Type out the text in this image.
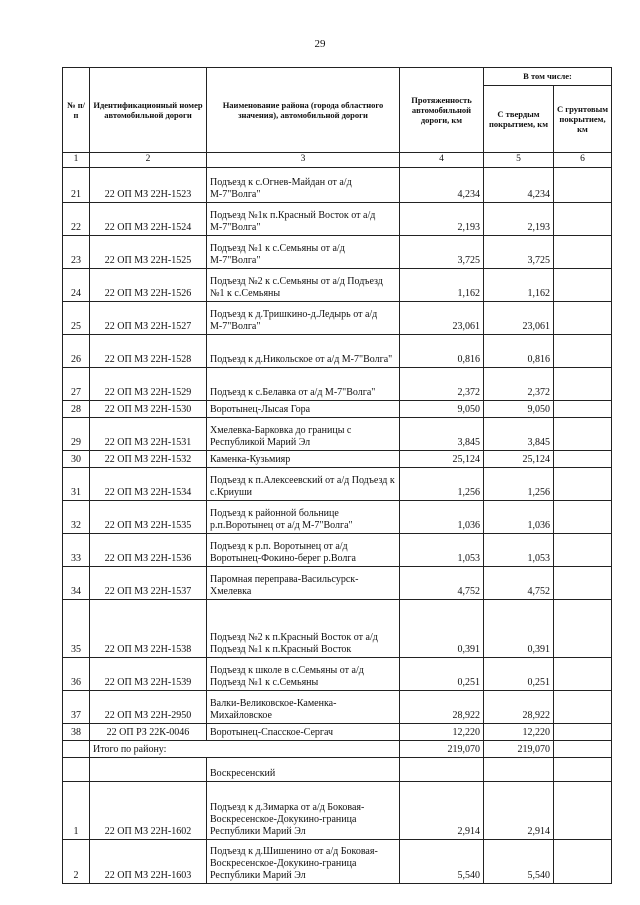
29
№ п/п	Идентификационный номер автомобильной дороги	Наименование района (города областного значения), автомобильной дороги	Протяженность автомобильной дороги, км	В том числе:	
				С твердым покрытием, км	С грунтовым покрытием, км
1	2	3	4	5	6
21	22 ОП МЗ 22Н-1523	Подъезд к с.Огнев-Майдан от а/д М-7"Волга"	4,234	4,234	
22	22 ОП МЗ 22Н-1524	Подъезд №1к п.Красный Восток от а/д М-7"Волга"	2,193	2,193	
23	22 ОП МЗ 22Н-1525	Подъезд №1 к с.Семьяны от а/д М-7"Волга"	3,725	3,725	
24	22 ОП МЗ 22Н-1526	Подъезд №2 к с.Семьяны от а/д Подъезд №1 к с.Семьяны	1,162	1,162	
25	22 ОП МЗ 22Н-1527	Подъезд к д.Тришкино-д.Ледырь от а/д М-7"Волга"	23,061	23,061	
26	22 ОП МЗ 22Н-1528	Подъезд к д.Никольское от а/д М-7"Волга"	0,816	0,816	
27	22 ОП МЗ 22Н-1529	Подъезд к с.Белавка от а/д М-7"Волга"	2,372	2,372	
28	22 ОП МЗ 22Н-1530	Воротынец-Лысая Гора	9,050	9,050	
29	22 ОП МЗ 22Н-1531	Хмелевка-Барковка до границы с Республикой Марий Эл	3,845	3,845	
30	22 ОП МЗ 22Н-1532	Каменка-Кузьмияр	25,124	25,124	
31	22 ОП МЗ 22Н-1534	Подъезд к п.Алексеевский от а/д Подъезд к с.Криуши	1,256	1,256	
32	22 ОП МЗ 22Н-1535	Подъезд к районной больнице р.п.Воротынец от а/д М-7"Волга"	1,036	1,036	
33	22 ОП МЗ 22Н-1536	Подъезд к р.п. Воротынец от а/д Воротынец-Фокино-берег р.Волга	1,053	1,053	
34	22 ОП МЗ 22Н-1537	Паромная переправа-Васильсурск-Хмелевка	4,752	4,752	
35	22 ОП МЗ 22Н-1538	Подъезд №2 к п.Красный Восток от а/д Подъезд №1 к п.Красный Восток	0,391	0,391	
36	22 ОП МЗ 22Н-1539	Подъезд к школе в с.Семьяны от а/д Подъезд №1 к с.Семьяны	0,251	0,251	
37	22 ОП МЗ 22Н-2950	Валки-Великовское-Каменка-Михайловское	28,922	28,922	
38	22 ОП РЗ 22К-0046	Воротынец-Спасское-Сергач	12,220	12,220	
	Итого по району:		219,070	219,070	
		Воскресенский			
1	22 ОП МЗ 22Н-1602	Подъезд к д.Зимарка от а/д Боковая-Воскресенское-Докукино-граница Республики Марий Эл	2,914	2,914	
2	22 ОП МЗ 22Н-1603	Подъезд к д.Шишенино от а/д Боковая-Воскресенское-Докукино-граница Республики Марий Эл	5,540	5,540	
